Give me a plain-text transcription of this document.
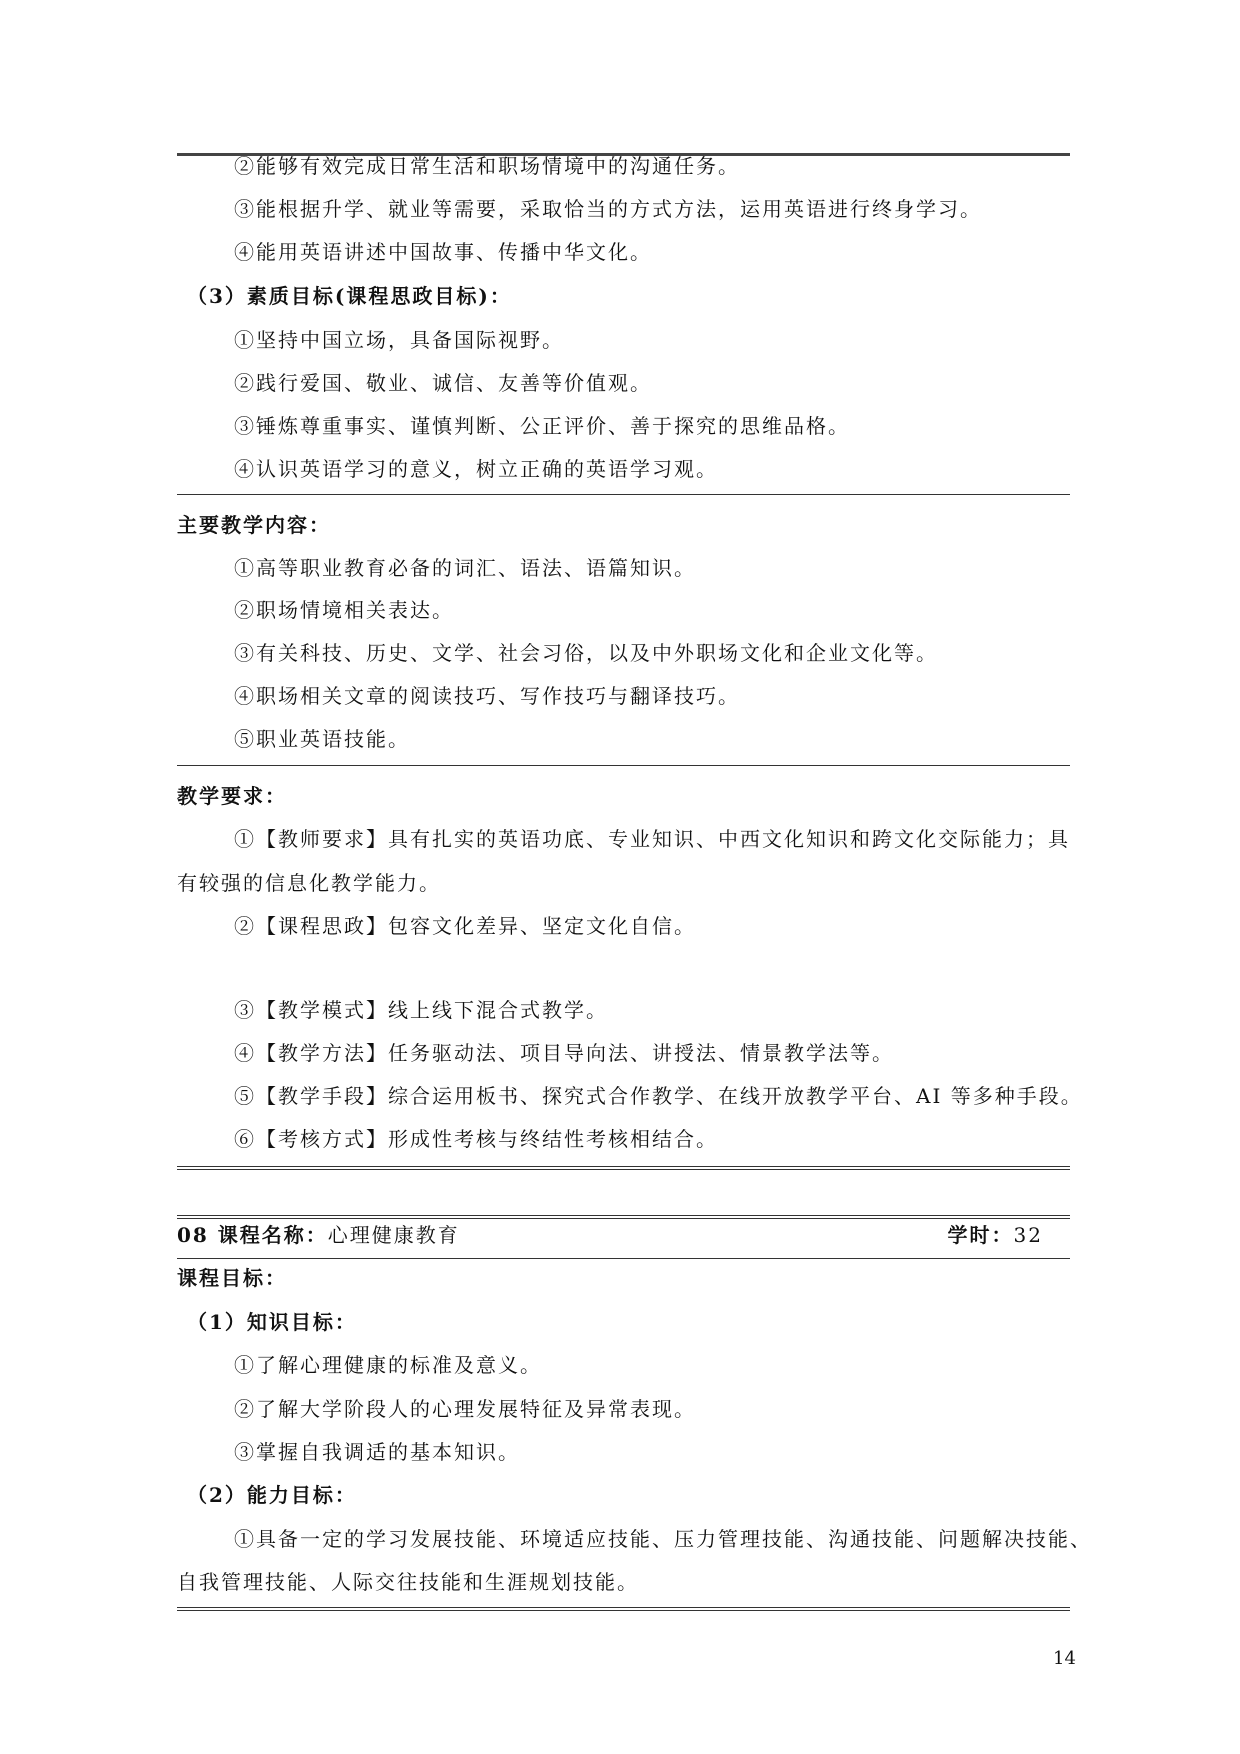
②能够有效完成日常生活和职场情境中的沟通任务。
③能根据升学、就业等需要，采取恰当的方式方法，运用英语进行终身学习。
④能用英语讲述中国故事、传播中华文化。
（3）素质目标(课程思政目标)：
①坚持中国立场，具备国际视野。
②践行爱国、敬业、诚信、友善等价值观。
③锤炼尊重事实、谨慎判断、公正评价、善于探究的思维品格。
④认识英语学习的意义，树立正确的英语学习观。
主要教学内容：
①高等职业教育必备的词汇、语法、语篇知识。
②职场情境相关表达。
③有关科技、历史、文学、社会习俗，以及中外职场文化和企业文化等。
④职场相关文章的阅读技巧、写作技巧与翻译技巧。
⑤职业英语技能。
教学要求：
①【教师要求】具有扎实的英语功底、专业知识、中西文化知识和跨文化交际能力；具
有较强的信息化教学能力。
②【课程思政】包容文化差异、坚定文化自信。
③【教学模式】线上线下混合式教学。
④【教学方法】任务驱动法、项目导向法、讲授法、情景教学法等。
⑤【教学手段】综合运用板书、探究式合作教学、在线开放教学平台、AI 等多种手段。
⑥【考核方式】形成性考核与终结性考核相结合。
08 课程名称：心理健康教育	学时：32
课程目标：
（1）知识目标：
①了解心理健康的标准及意义。
②了解大学阶段人的心理发展特征及异常表现。
③掌握自我调适的基本知识。
（2）能力目标：
①具备一定的学习发展技能、环境适应技能、压力管理技能、沟通技能、问题解决技能、
自我管理技能、人际交往技能和生涯规划技能。
14
